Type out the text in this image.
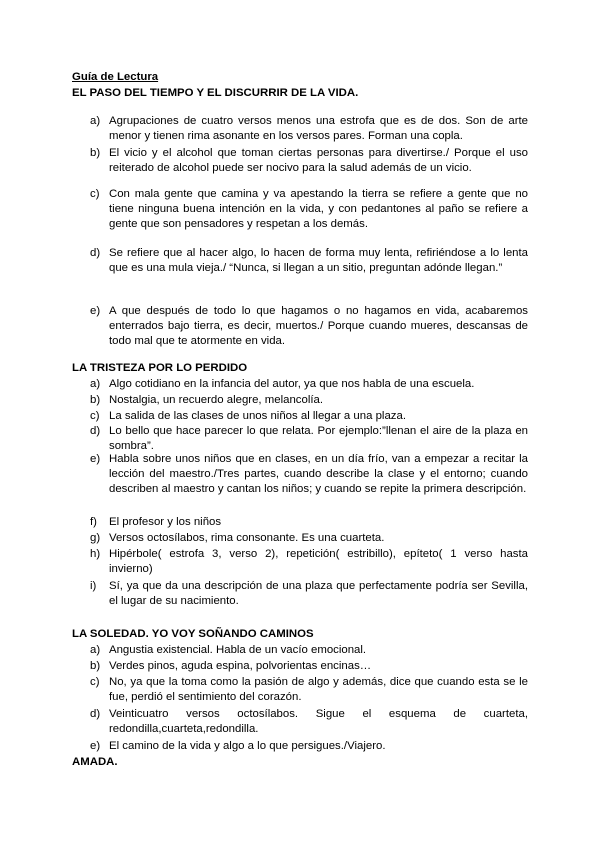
Guía de Lectura
EL PASO DEL TIEMPO Y EL DISCURRIR DE LA VIDA.
a) Agrupaciones de cuatro versos menos una estrofa que es de dos. Son de arte menor y tienen rima asonante en los versos pares. Forman una copla.
b) El vicio y el alcohol que toman ciertas personas para divertirse./ Porque el uso reiterado de alcohol puede ser nocivo para la salud además de un vicio.
c) Con mala gente que camina y va apestando la tierra se refiere a gente que no tiene ninguna buena intención en la vida, y con pedantones al paño se refiere a gente que son pensadores y respetan a los demás.
d) Se refiere que al hacer algo, lo hacen de forma muy lenta, refiriéndose a lo lenta que es una mula vieja./ “Nunca, si llegan a un sitio, preguntan adónde llegan.”
e) A que después de todo lo que hagamos o no hagamos en vida, acabaremos enterrados bajo tierra, es decir, muertos./ Porque cuando mueres, descansas de todo mal que te atormente en vida.
LA TRISTEZA POR LO PERDIDO
a) Algo cotidiano en la infancia del autor, ya que nos habla de una escuela.
b) Nostalgia, un recuerdo alegre, melancolía.
c) La salida de las clases de unos niños al llegar a una plaza.
d) Lo bello que hace parecer lo que relata. Por ejemplo:”llenan el aire de la plaza en sombra”.
e) Habla sobre unos niños que en clases, en un día frío, van a empezar a recitar la lección del maestro./Tres partes, cuando describe la clase y el entorno; cuando describen al maestro y cantan los niños; y cuando se repite la primera descripción.
f)	El profesor y los niños
g) Versos octosílabos, rima consonante. Es una cuarteta.
h) Hipérbole( estrofa 3, verso 2), repetición( estribillo), epíteto( 1 verso hasta invierno)
i)	Sí, ya que da una descripción de una plaza que perfectamente podría ser Sevilla, el lugar de su nacimiento.
LA SOLEDAD. YO VOY SOÑANDO CAMINOS
a) Angustia existencial. Habla de un vacío emocional.
b) Verdes pinos, aguda espina, polvorientas encinas…
c) No, ya que la toma como la pasión de algo y además, dice que cuando esta se le fue, perdió el sentimiento del corazón.
d) Veinticuatro versos octosílabos. Sigue el esquema de cuarteta, redondilla,cuarteta,redondilla.
e) El camino de la vida y algo a lo que persigues./Viajero.
AMADA.
